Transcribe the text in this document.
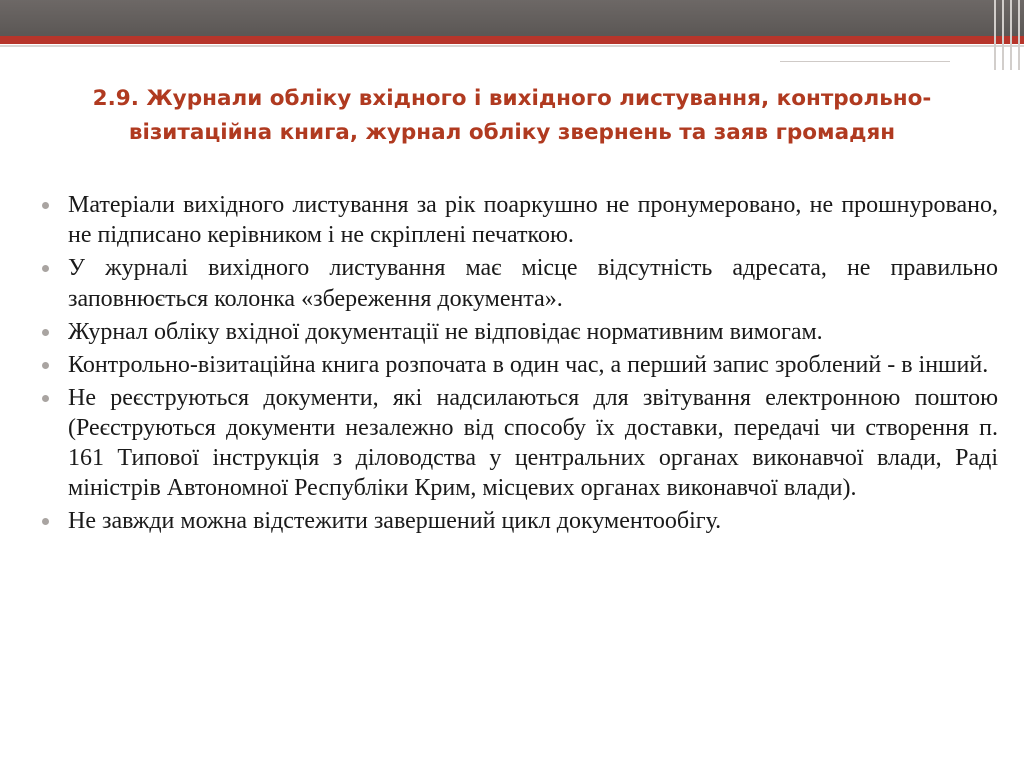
2.9. Журнали обліку вхідного і вихідного листування, контрольно-візитаційна книга, журнал обліку звернень та заяв громадян
Матеріали вихідного листування за рік поаркушно не пронумеровано, не прошнуровано, не підписано керівником і не скріплені печаткою.
У журналі вихідного листування має місце відсутність адресата, не правильно заповнюється колонка «збереження документа».
Журнал обліку вхідної документації не відповідає нормативним вимогам.
Контрольно-візитаційна книга розпочата в один час, а перший запис зроблений - в інший.
Не реєструються документи, які надсилаються для звітування електронною поштою (Реєструються документи незалежно від способу їх доставки, передачі чи створення п. 161 Типової інструкція з діловодства у центральних органах виконавчої влади, Раді міністрів Автономної Республіки Крим, місцевих органах виконавчої влади).
Не завжди можна відстежити завершений цикл документообігу.
